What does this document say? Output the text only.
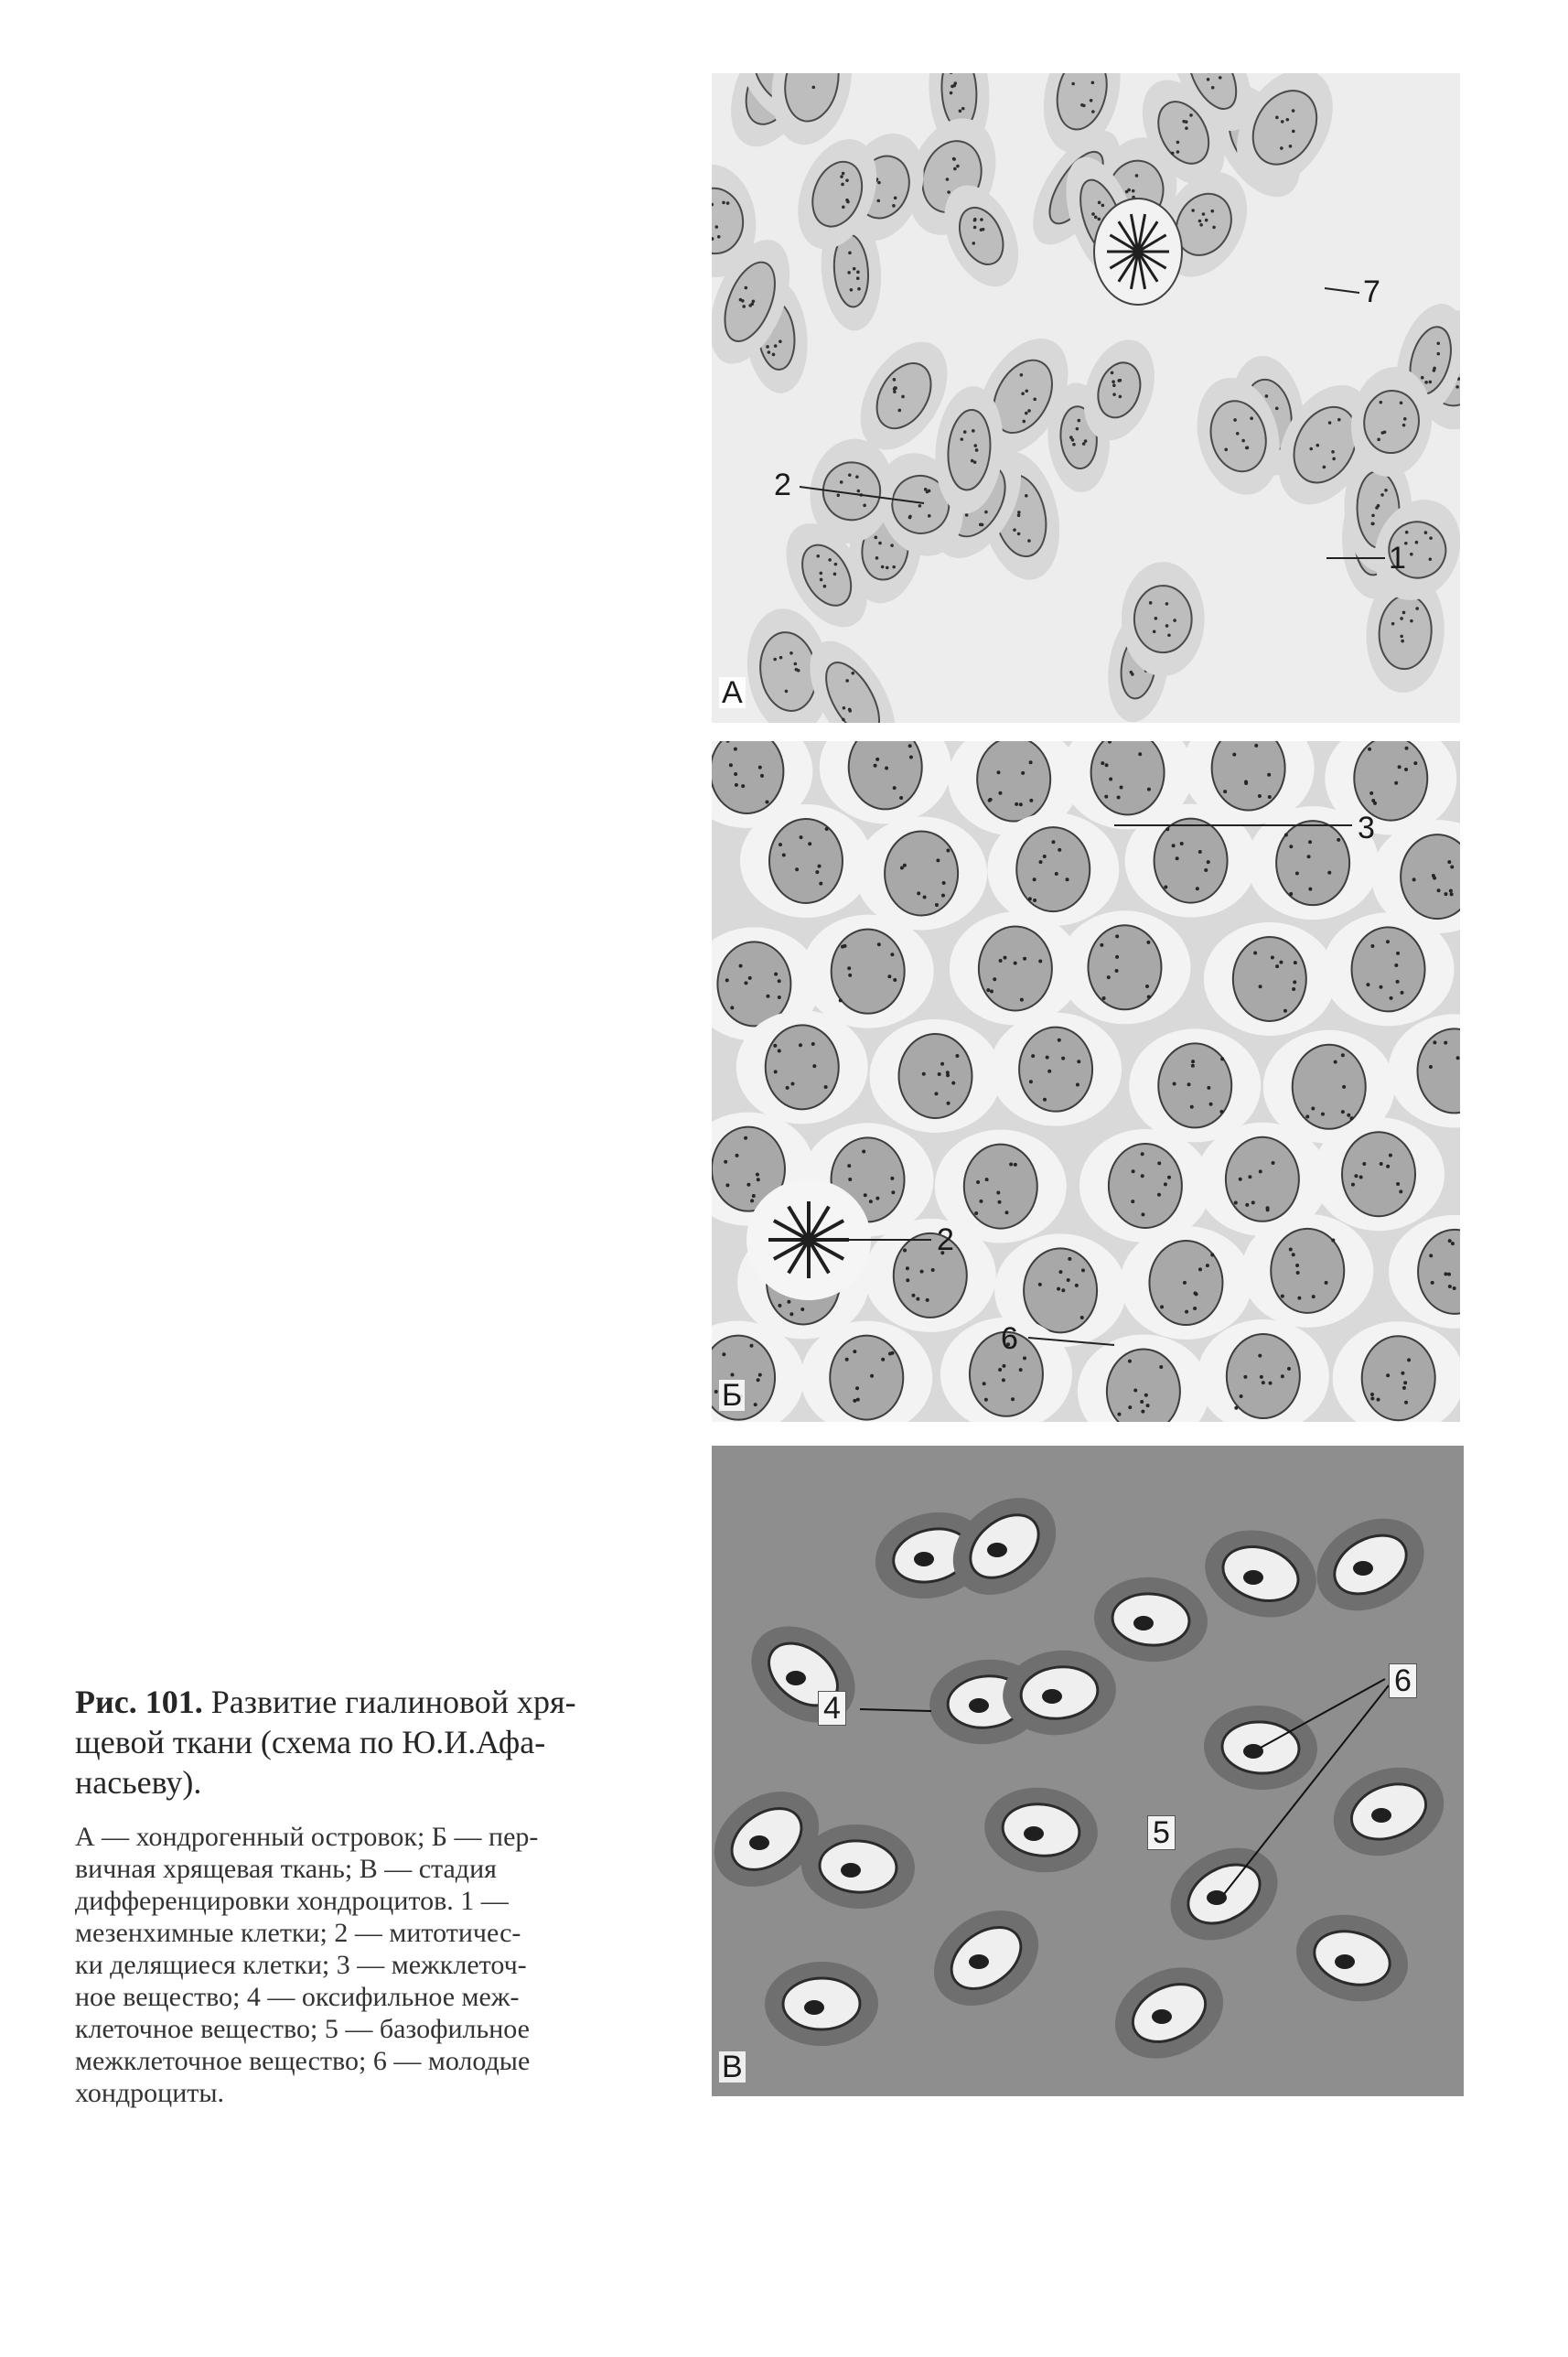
7
2
1
А
3
2
6
Б
6
4
5
В

Рис. 101. Развитие гиалиновой хря-
щевой ткани (схема по Ю.И.Афа-
насьеву).

А — хондрогенный островок; Б — пер-
вичная хрящевая ткань; В — стадия
дифференцировки хондроцитов. 1 —
мезенхимные клетки; 2 — митотичес-
ки делящиеся клетки; 3 — межклеточ-
ное вещество; 4 — оксифильное меж-
клеточное вещество; 5 — базофильное
межклеточное вещество; 6 — молодые
хондроциты.
